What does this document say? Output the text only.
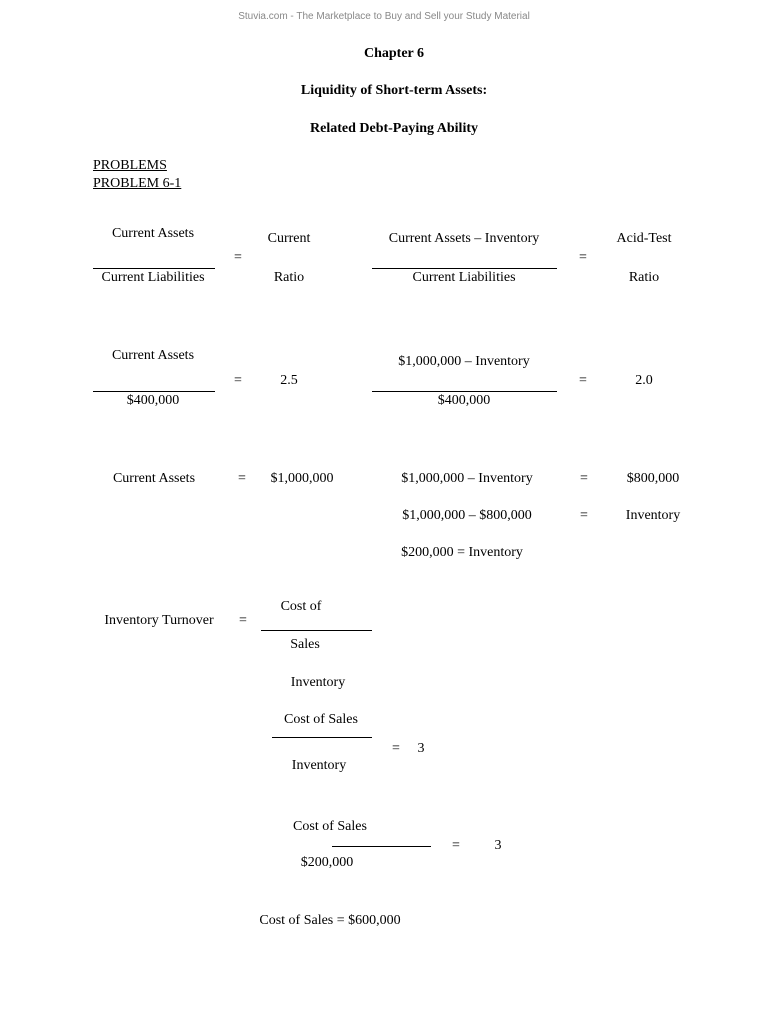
Stuvia.com - The Marketplace to Buy and Sell your Study Material
Chapter 6
Liquidity of Short-term Assets:
Related Debt-Paying Ability
PROBLEMS
PROBLEM 6-1
Current Assets
Current Liabilities
=
Current
Ratio
Current Assets – Inventory
Current Liabilities
=
Acid-Test
Ratio
Current Assets
$400,000
=	2.5
$1,000,000 – Inventory
$400,000
=	2.0
Current Assets	= $1,000,000	$1,000,000 – Inventory	=	$800,000
$1,000,000 – $800,000	=	Inventory
$200,000 = Inventory
Inventory Turnover =
Cost of
Sales
Inventory
Cost of Sales
= 3
Inventory
Cost of Sales
= 3
$200,000
Cost of Sales = $600,000
